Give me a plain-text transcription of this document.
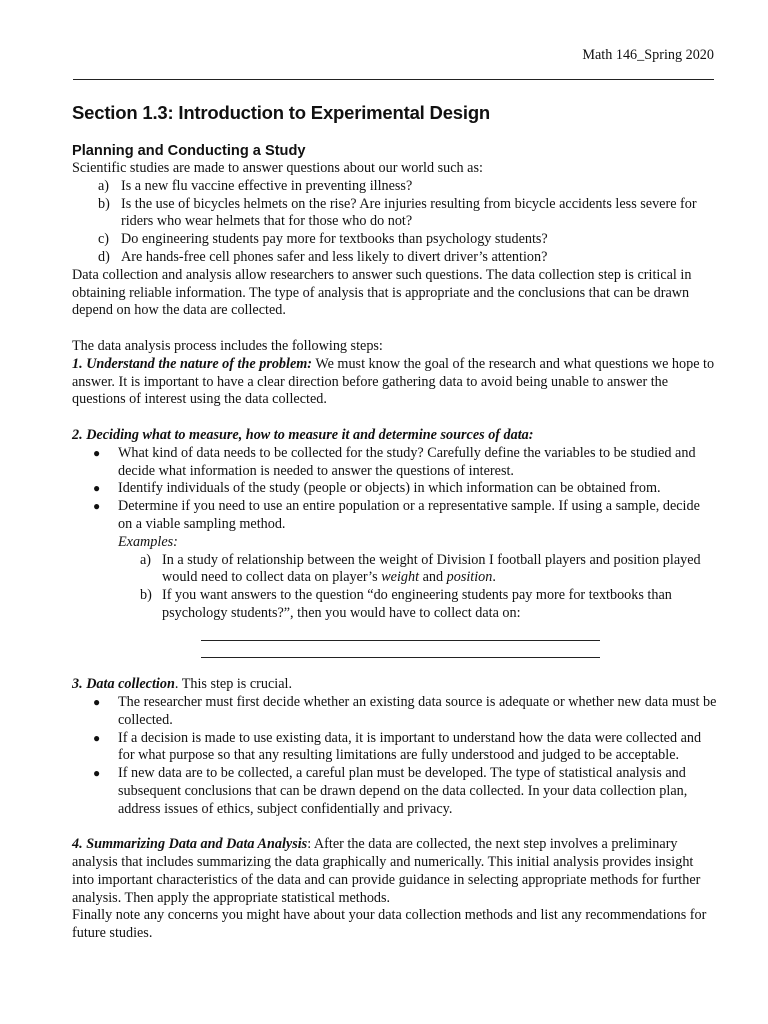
Math 146_Spring 2020
Section 1.3: Introduction to Experimental Design
Planning and Conducting a Study

Scientific studies are made to answer questions about our world such as:

a) Is a new flu vaccine effective in preventing illness?
b) Is the use of bicycles helmets on the rise? Are injuries resulting from bicycle accidents less severe for riders who wear helmets that for those who do not?
c) Do engineering students pay more for textbooks than psychology students?
d) Are hands-free cell phones safer and less likely to divert driver’s attention?

Data collection and analysis allow researchers to answer such questions. The data collection step is critical in obtaining reliable information. The type of analysis that is appropriate and the conclusions that can be drawn depend on how the data are collected.

The data analysis process includes the following steps:

1. Understand the nature of the problem: We must know the goal of the research and what questions we hope to answer. It is important to have a clear direction before gathering data to avoid being unable to answer the questions of interest using the data collected.

2. Deciding what to measure, how to measure it and determine sources of data:

● What kind of data needs to be collected for the study? Carefully define the variables to be studied and decide what information is needed to answer the questions of interest.
● Identify individuals of the study (people or objects) in which information can be obtained from.
● Determine if you need to use an entire population or a representative sample. If using a sample, decide on a viable sampling method.
Examples:
a) In a study of relationship between the weight of Division I football players and position played would need to collect data on player’s weight and position.
b) If you want answers to the question “do engineering students pay more for textbooks than psychology students?”, then you would have to collect data on:

3. Data collection. This step is crucial.

● The researcher must first decide whether an existing data source is adequate or whether new data must be collected.
● If a decision is made to use existing data, it is important to understand how the data were collected and for what purpose so that any resulting limitations are fully understood and judged to be acceptable.
● If new data are to be collected, a careful plan must be developed. The type of statistical analysis and subsequent conclusions that can be drawn depend on the data collected. In your data collection plan, address issues of ethics, subject confidentially and privacy.

4. Summarizing Data and Data Analysis: After the data are collected, the next step involves a preliminary analysis that includes summarizing the data graphically and numerically. This initial analysis provides insight into important characteristics of the data and can provide guidance in selecting appropriate methods for further analysis. Then apply the appropriate statistical methods.

Finally note any concerns you might have about your data collection methods and list any recommendations for future studies.
